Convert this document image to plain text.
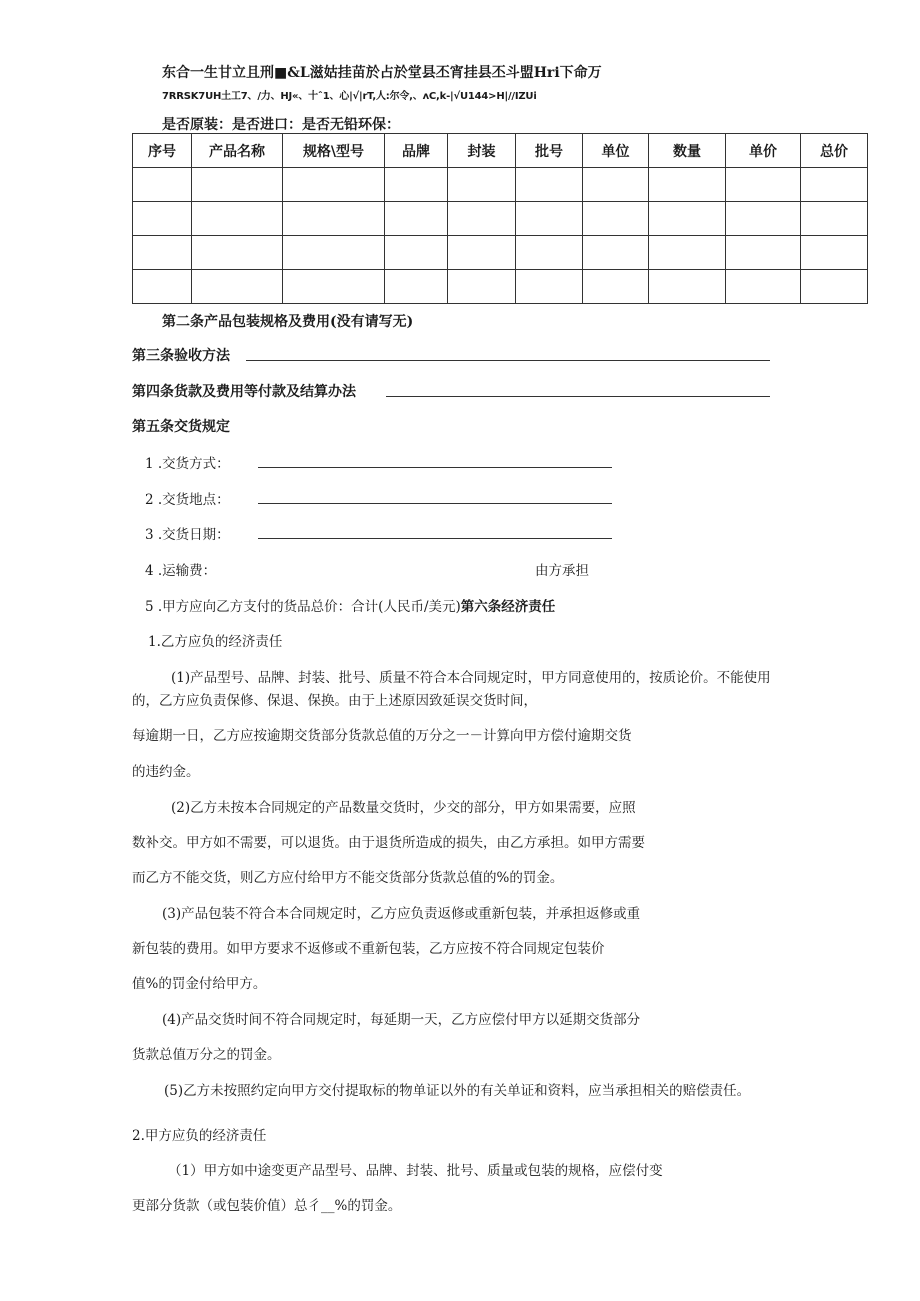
东合一生甘立且刑■&L滋姑挂苗於占於堂县丕宵挂县丕斗盟Hri下命万
7RRSK7UH土工7、/力、HJ«、十ˆ1、心|√|rT,人:尔令,、ʌC,k-|√U144>H|//IZUi
是否原装：是否进口：是否无铅环保：
序号	产品名称	规格\型号	品牌	封装	批号	单位	数量	单价	总价

第二条产品包装规格及费用(没有请写无)
第三条验收方法
第四条货款及费用等付款及结算办法
第五条交货规定
1 .交货方式：
2 .交货地点：
3 .交货日期：
4 .运输费：	由方承担
5 .甲方应向乙方支付的货品总价：合计(人民币/美元)第六条经济责任
1.乙方应负的经济责任
(1)产品型号、品牌、封装、批号、质量不符合本合同规定时，甲方同意使用的，按质论价。不能使用
的，乙方应负责保修、保退、保换。由于上述原因致延误交货时间，
每逾期一日，乙方应按逾期交货部分货款总值的万分之一－计算向甲方偿付逾期交货
的违约金。
(2)乙方未按本合同规定的产品数量交货时，少交的部分，甲方如果需要，应照
数补交。甲方如不需要，可以退货。由于退货所造成的损失，由乙方承担。如甲方需要
而乙方不能交货，则乙方应付给甲方不能交货部分货款总值的%的罚金。
(3)产品包装不符合本合同规定时，乙方应负责返修或重新包装，并承担返修或重
新包装的费用。如甲方要求不返修或不重新包装，乙方应按不符合同规定包装价
值%的罚金付给甲方。
(4)产品交货时间不符合同规定时，每延期一天，乙方应偿付甲方以延期交货部分
货款总值万分之的罚金。
(5)乙方未按照约定向甲方交付提取标的物单证以外的有关单证和资料，应当承担相关的赔偿责任。
2.甲方应负的经济责任
（1）甲方如中途变更产品型号、品牌、封装、批号、质量或包装的规格，应偿付变
更部分货款（或包装价值）总彳__%的罚金。
